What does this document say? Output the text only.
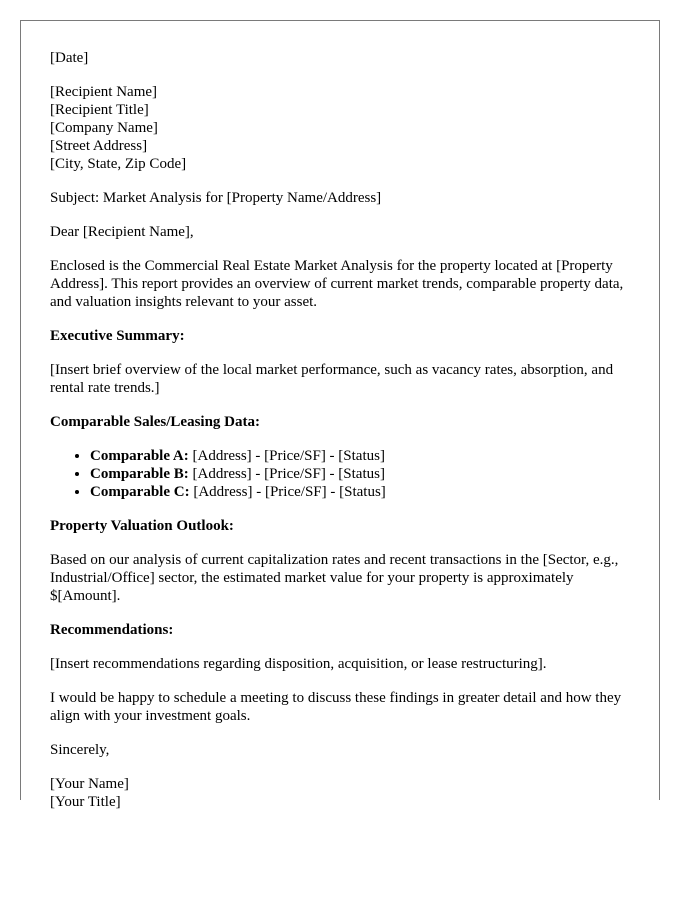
[Date]

[Recipient Name]
[Recipient Title]
[Company Name]
[Street Address]
[City, State, Zip Code]

Subject: Market Analysis for [Property Name/Address]

Dear [Recipient Name],

Enclosed is the Commercial Real Estate Market Analysis for the property located at [Property Address]. This report provides an overview of current market trends, comparable property data, and valuation insights relevant to your asset.

Executive Summary:

[Insert brief overview of the local market performance, such as vacancy rates, absorption, and rental rate trends.]

Comparable Sales/Leasing Data:

• Comparable A: [Address] - [Price/SF] - [Status]
• Comparable B: [Address] - [Price/SF] - [Status]
• Comparable C: [Address] - [Price/SF] - [Status]

Property Valuation Outlook:

Based on our analysis of current capitalization rates and recent transactions in the [Sector, e.g., Industrial/Office] sector, the estimated market value for your property is approximately $[Amount].

Recommendations:

[Insert recommendations regarding disposition, acquisition, or lease restructuring].

I would be happy to schedule a meeting to discuss these findings in greater detail and how they align with your investment goals.

Sincerely,

[Your Name]
[Your Title]
